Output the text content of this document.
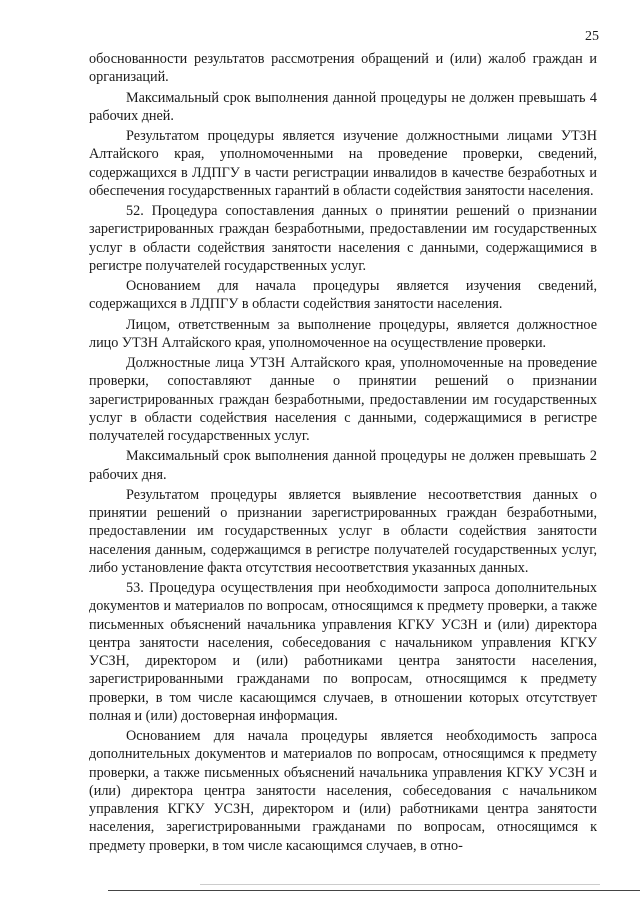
25

обоснованности результатов рассмотрения обращений и (или) жалоб граждан и организаций.

Максимальный срок выполнения данной процедуры не должен превышать 4 рабочих дней.

Результатом процедуры является изучение должностными лицами УТЗН Алтайского края, уполномоченными на проведение проверки, сведений, содержащихся в ЛДПГУ в части регистрации инвалидов в качестве безработных и обеспечения государственных гарантий в области содействия занятости населения.

52. Процедура сопоставления данных о принятии решений о признании зарегистрированных граждан безработными, предоставлении им государственных услуг в области содействия занятости населения с данными, содержащимися в регистре получателей государственных услуг.

Основанием для начала процедуры является изучения сведений, содержащихся в ЛДПГУ в области содействия занятости населения.

Лицом, ответственным за выполнение процедуры, является должностное лицо УТЗН Алтайского края, уполномоченное на осуществление проверки.

Должностные лица УТЗН Алтайского края, уполномоченные на проведение проверки, сопоставляют данные о принятии решений о признании зарегистрированных граждан безработными, предоставлении им государственных услуг в области содействия населения с данными, содержащимися в регистре получателей государственных услуг.

Максимальный срок выполнения данной процедуры не должен превышать 2 рабочих дня.

Результатом процедуры является выявление несоответствия данных о принятии решений о признании зарегистрированных граждан безработными, предоставлении им государственных услуг в области содействия занятости населения данным, содержащимся в регистре получателей государственных услуг, либо установление факта отсутствия несоответствия указанных данных.

53. Процедура осуществления при необходимости запроса дополнительных документов и материалов по вопросам, относящимся к предмету проверки, а также письменных объяснений начальника управления КГКУ УСЗН и (или) директора центра занятости населения, собеседования с начальником управления КГКУ УСЗН, директором и (или) работниками центра занятости населения, зарегистрированными гражданами по вопросам, относящимся к предмету проверки, в том числе касающимся случаев, в отношении которых отсутствует полная и (или) достоверная информация.

Основанием для начала процедуры является необходимость запроса дополнительных документов и материалов по вопросам, относящимся к предмету проверки, а также письменных объяснений начальника управления КГКУ УСЗН и (или) директора центра занятости населения, собеседования с начальником управления КГКУ УСЗН, директором и (или) работниками центра занятости населения, зарегистрированными гражданами по вопросам, относящимся к предмету проверки, в том числе касающимся случаев, в отно-
